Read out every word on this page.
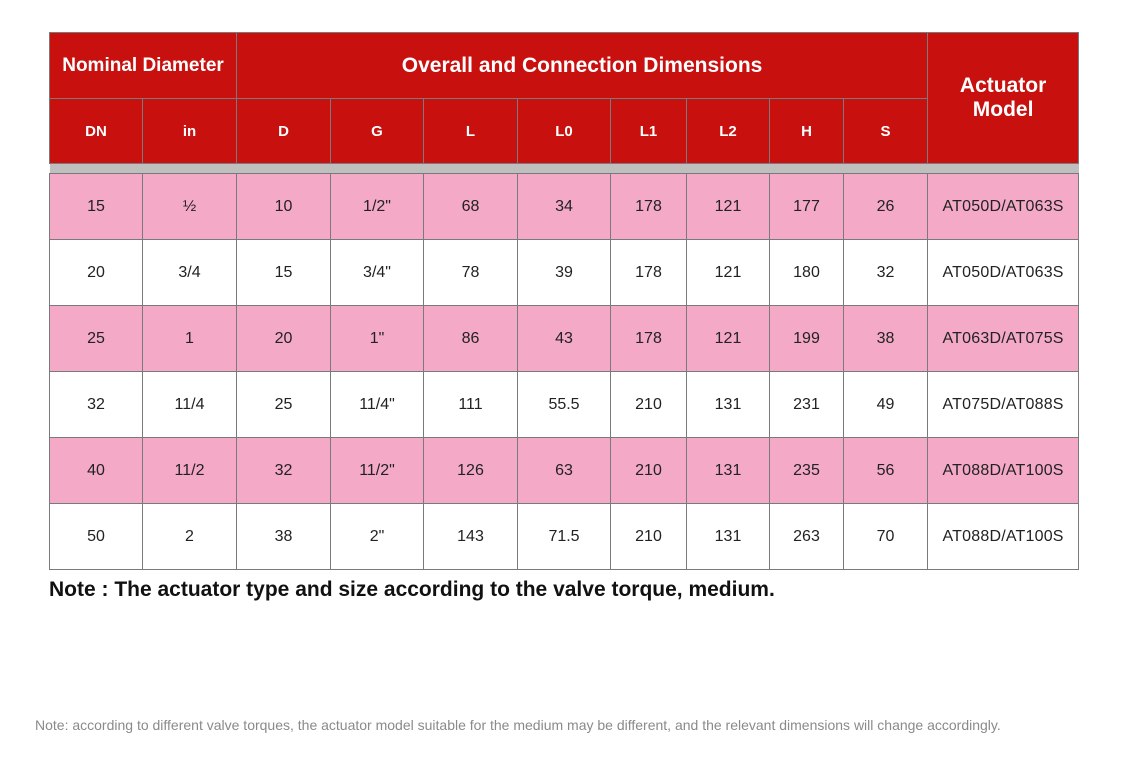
Nominal Diameter		Overall and Connection Dimensions								Actuator Model
DN	in	D	G	L	L0	L1	L2	H	S	

15	½	10	1/2"	68	34	178	121	177	26	AT050D/AT063S
20	3/4	15	3/4"	78	39	178	121	180	32	AT050D/AT063S
25	1	20	1"	86	43	178	121	199	38	AT063D/AT075S
32	11/4	25	11/4"	111	55.5	210	131	231	49	AT075D/AT088S
40	11/2	32	11/2"	126	63	210	131	235	56	AT088D/AT100S
50	2	38	2"	143	71.5	210	131	263	70	AT088D/AT100S
Note : The actuator type and size according to the valve torque, medium.
Note: according to different valve torques, the actuator model suitable for the medium may be different, and the relevant dimensions will change accordingly.
